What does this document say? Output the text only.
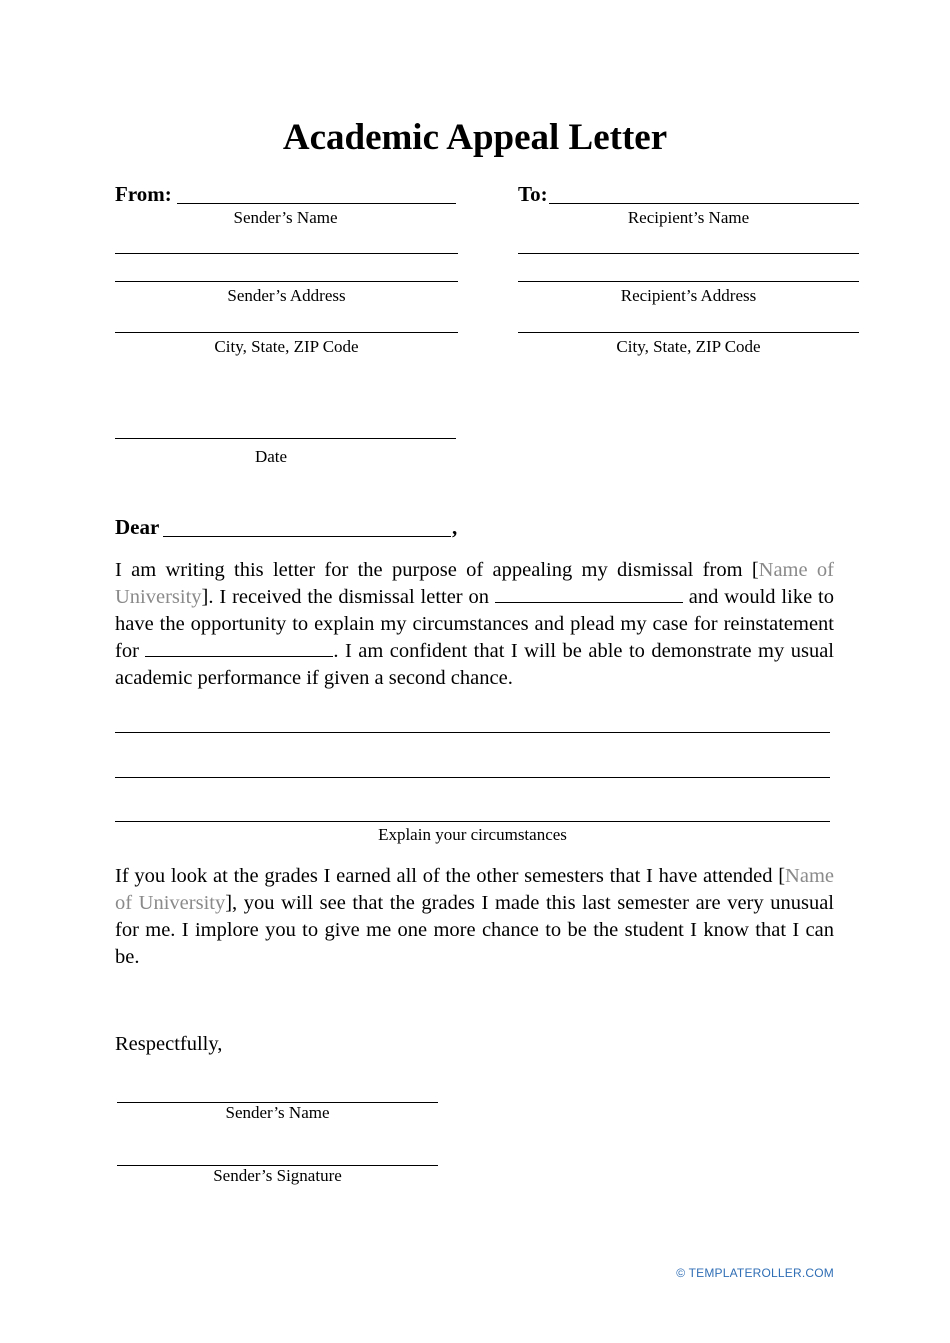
Academic Appeal Letter
From:
Sender’s Name
Sender’s Address
City, State, ZIP Code
To:
Recipient’s Name
Recipient’s Address
City, State, ZIP Code
Date
Dear	,
I am writing this letter for the purpose of appealing my dismissal from [Name of University]. I received the dismissal letter on	and would like to have the opportunity to explain my circumstances and plead my case for reinstatement for	. I am confident that I will be able to demonstrate my usual academic performance if given a second chance.
Explain your circumstances
If you look at the grades I earned all of the other semesters that I have attended [Name of University], you will see that the grades I made this last semester are very unusual for me. I implore you to give me one more chance to be the student I know that I can be.
Respectfully,
Sender’s Name
Sender’s Signature
© TEMPLATEROLLER.COM
